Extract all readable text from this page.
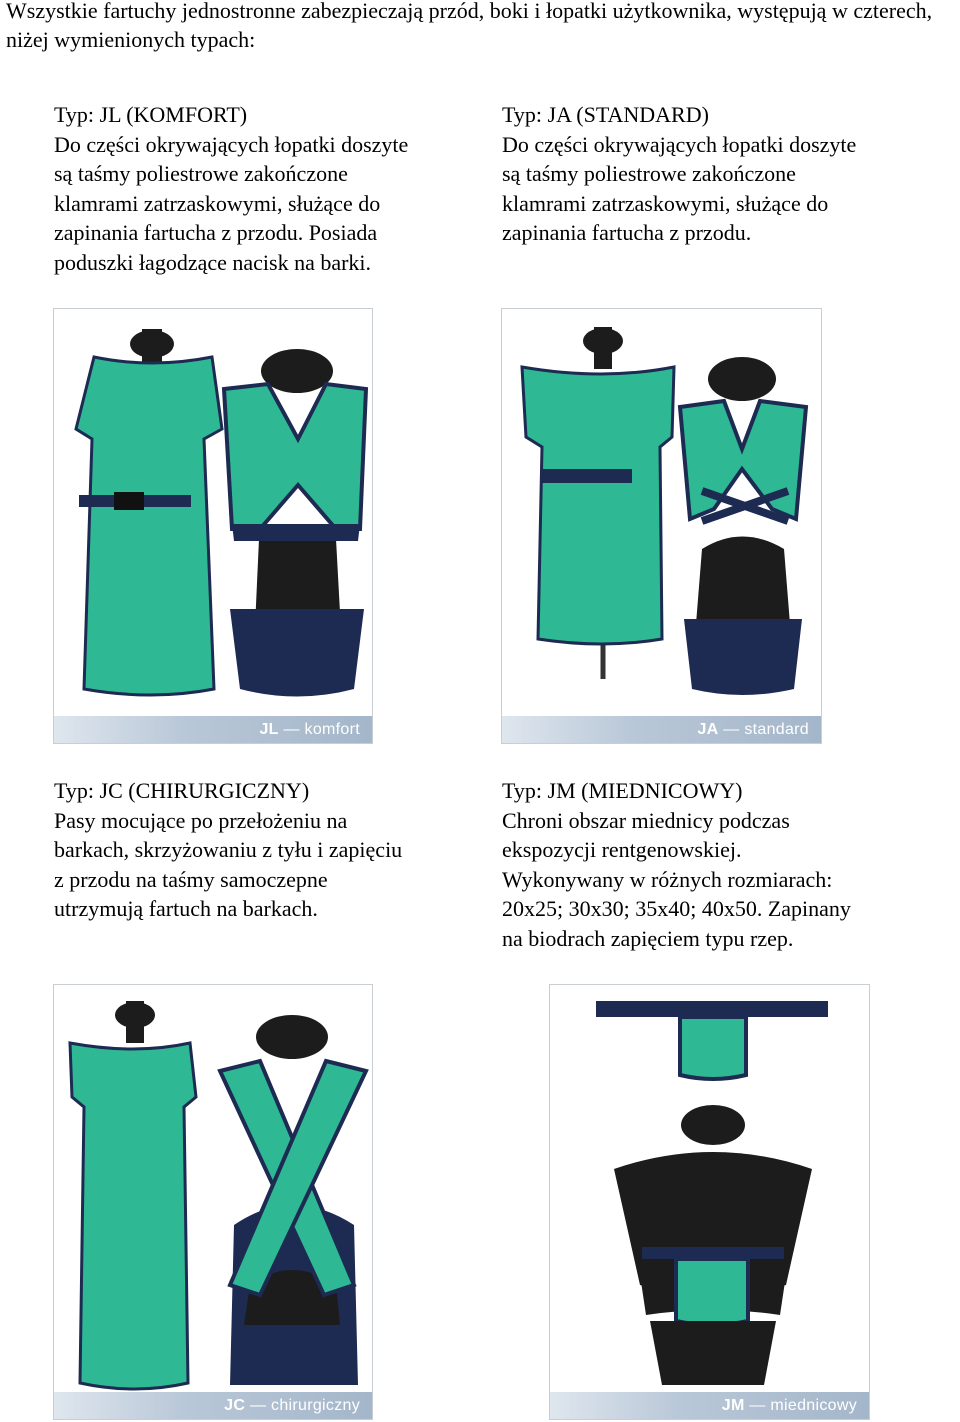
Wszystkie fartuchy jednostronne zabezpieczają przód, boki i łopatki użytkownika, występują w czterech, niżej wymienionych typach:
Typ: JL (KOMFORT)
Do części okrywających łopatki doszyte
są taśmy poliestrowe zakończone
klamrami zatrzaskowymi, służące do
zapinania fartucha z przodu. Posiada
poduszki łagodzące nacisk na barki.
Typ: JA (STANDARD)
Do części okrywających łopatki doszyte
są taśmy poliestrowe zakończone
klamrami zatrzaskowymi, służące do
zapinania fartucha z przodu.
Typ: JC (CHIRURGICZNY)
Pasy mocujące po przełożeniu na
barkach, skrzyżowaniu z tyłu i zapięciu
z przodu na taśmy samoczepne
utrzymują fartuch na barkach.
Typ: JM (MIEDNICOWY)
Chroni obszar miednicy podczas
ekspozycji rentgenowskiej.
Wykonywany w różnych rozmiarach:
20x25; 30x30; 35x40; 40x50. Zapinany
na biodrach zapięciem typu rzep.
JL — komfort	JA — standard
JC — chirurgiczny	JM — miednicowy
